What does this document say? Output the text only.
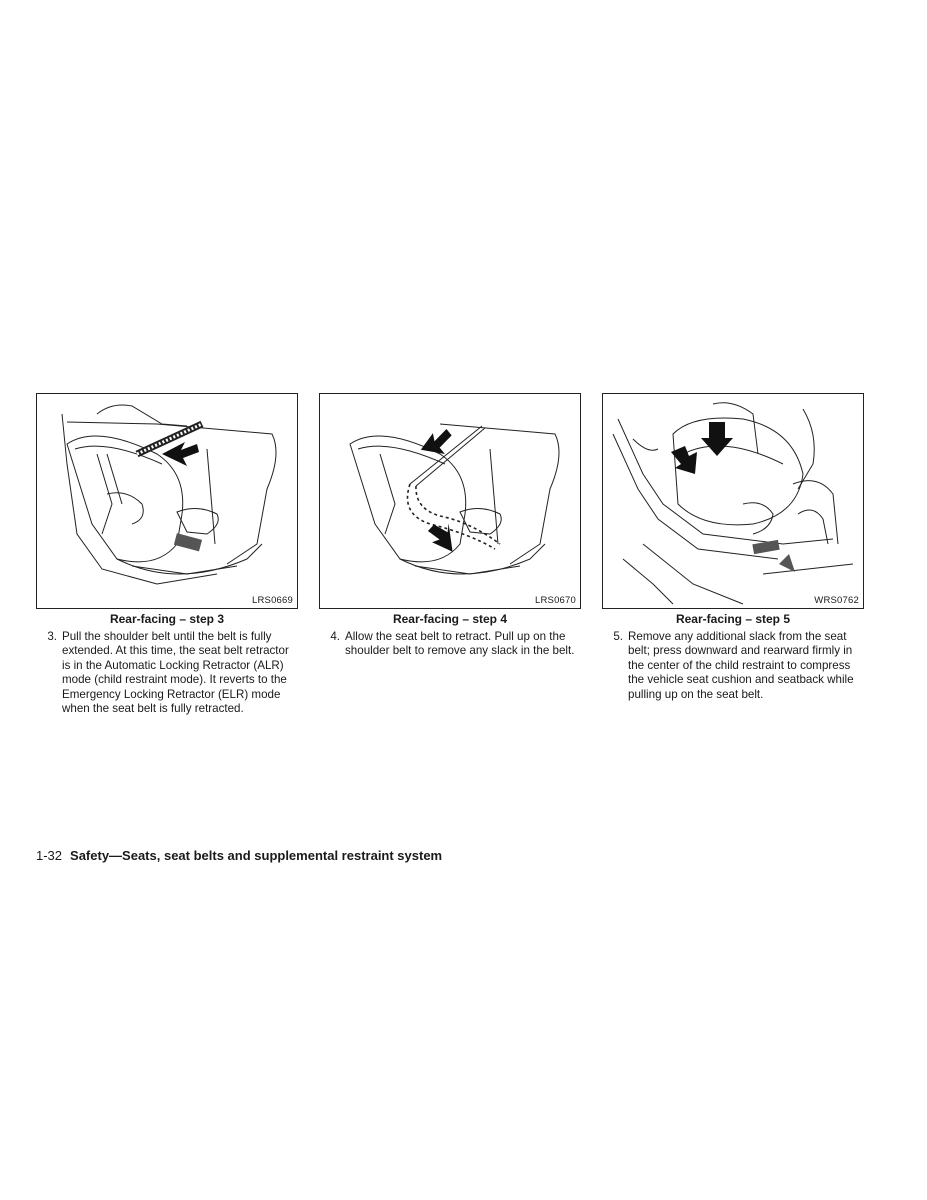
LRS0669
Rear-facing – step 3
3. Pull the shoulder belt until the belt is fully extended. At this time, the seat belt retractor is in the Automatic Locking Retractor (ALR) mode (child restraint mode). It reverts to the Emergency Locking Retractor (ELR) mode when the seat belt is fully retracted.
LRS0670
Rear-facing – step 4
4. Allow the seat belt to retract. Pull up on the shoulder belt to remove any slack in the belt.
WRS0762
Rear-facing – step 5
5. Remove any additional slack from the seat belt; press downward and rearward firmly in the center of the child restraint to compress the vehicle seat cushion and seatback while pulling up on the seat belt.
1-32 Safety—Seats, seat belts and supplemental restraint system
